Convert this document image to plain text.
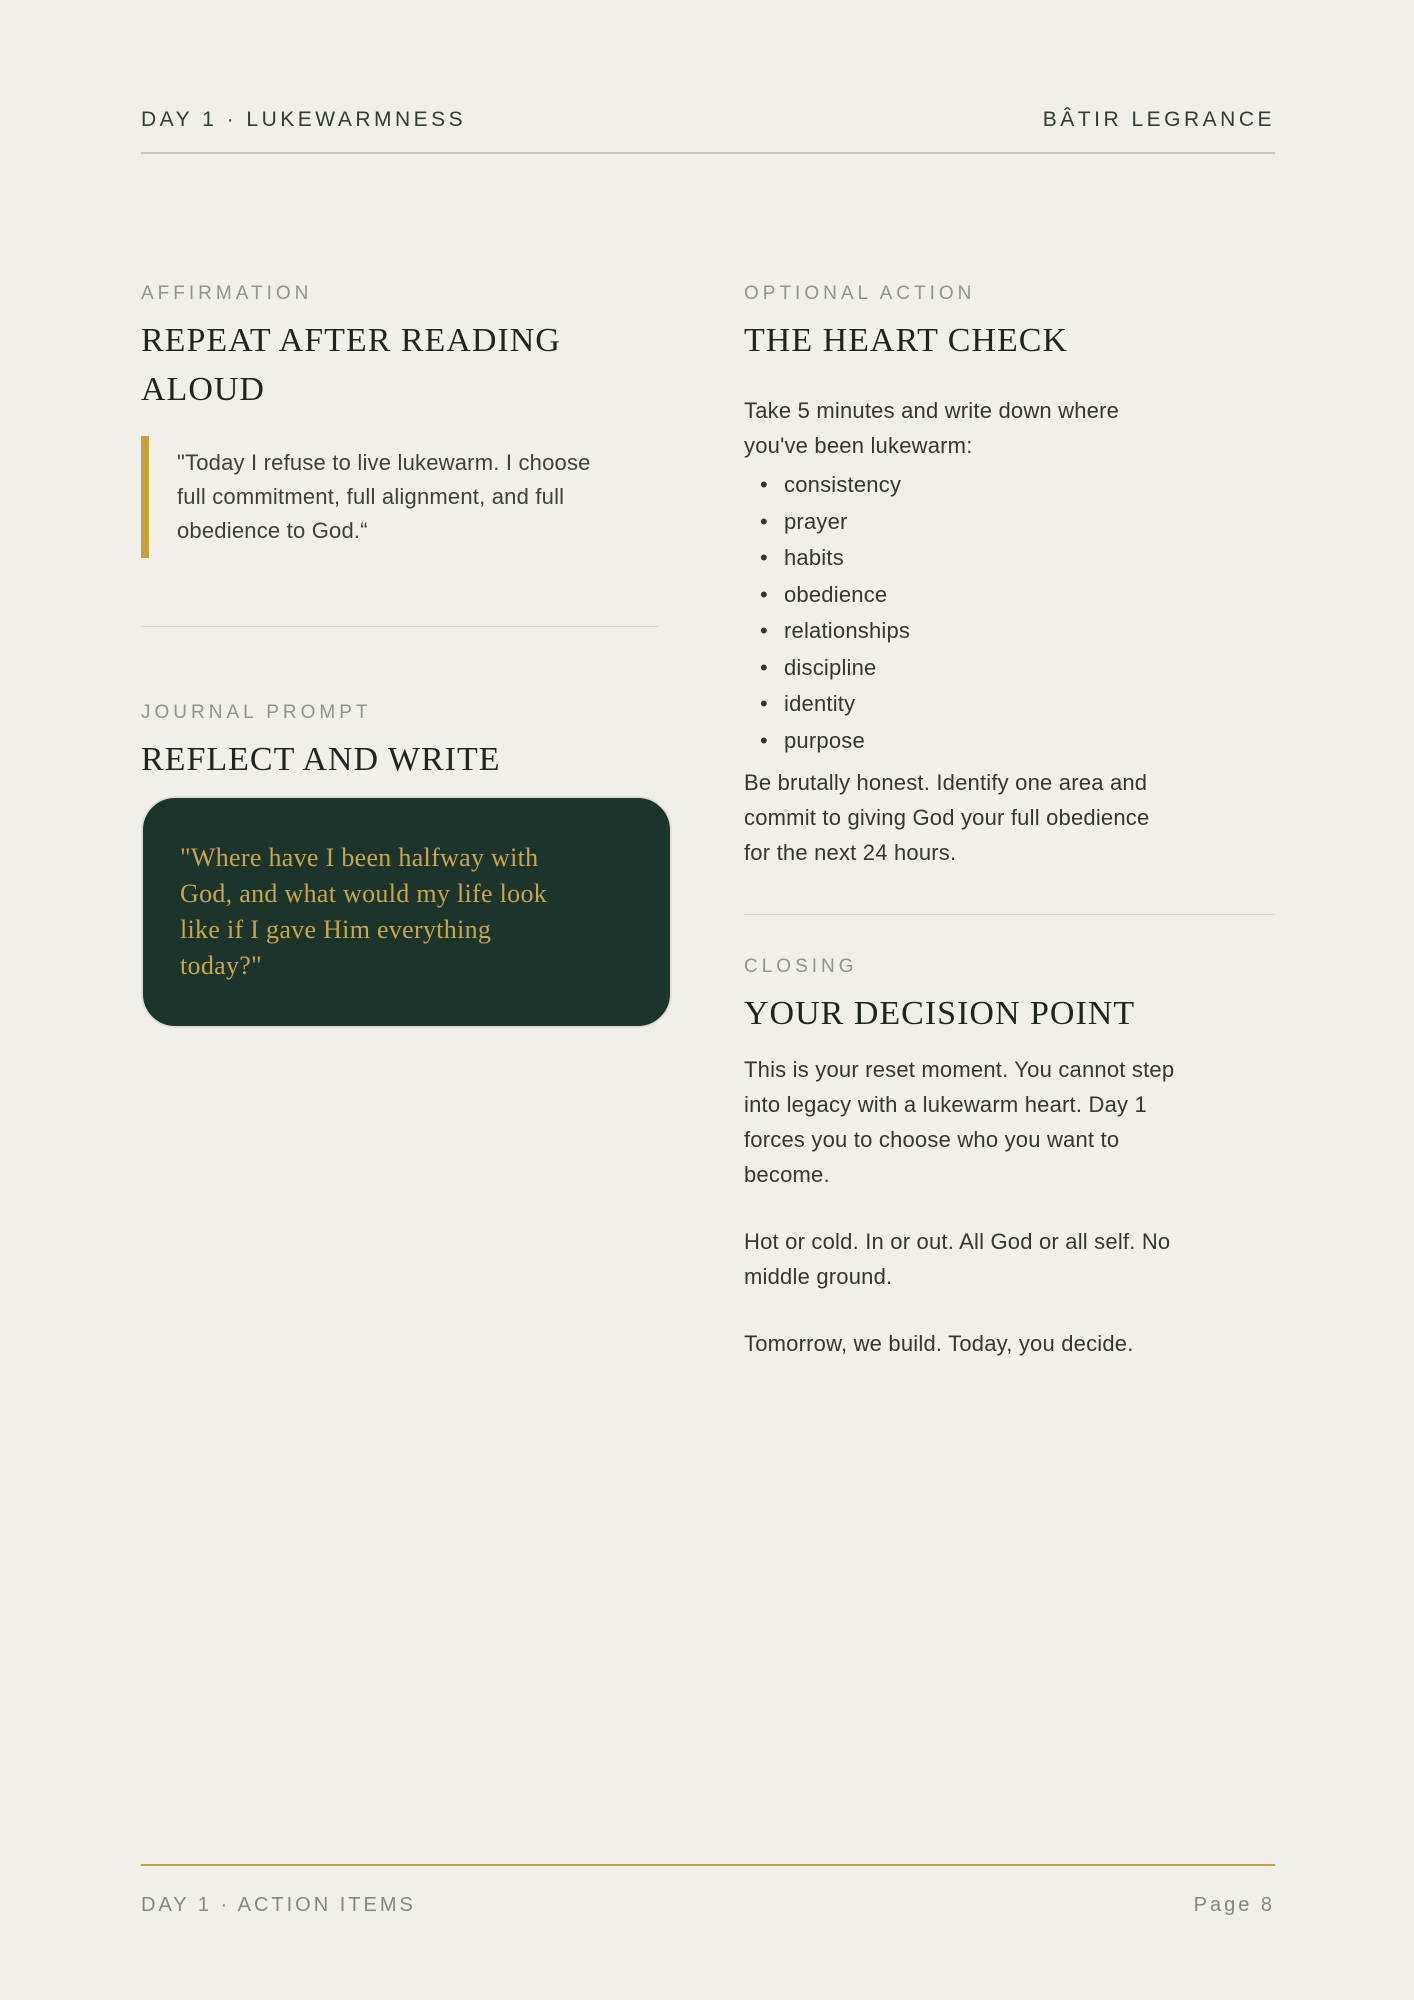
DAY 1 · LUKEWARMNESS	BÂTIR LEGRANCE
AFFIRMATION
REPEAT AFTER READING ALOUD

"Today I refuse to live lukewarm. I choose full commitment, full alignment, and full obedience to God.“

JOURNAL PROMPT
REFLECT AND WRITE

"Where have I been halfway with God, and what would my life look like if I gave Him everything today?"

OPTIONAL ACTION
THE HEART CHECK

Take 5 minutes and write down where you've been lukewarm:

• consistency
• prayer
• habits
• obedience
• relationships
• discipline
• identity
• purpose

Be brutally honest. Identify one area and commit to giving God your full obedience for the next 24 hours.

CLOSING
YOUR DECISION POINT

This is your reset moment. You cannot step into legacy with a lukewarm heart. Day 1 forces you to choose who you want to become.

Hot or cold. In or out. All God or all self. No middle ground.

Tomorrow, we build. Today, you decide.

DAY 1 · ACTION ITEMS	Page 8
